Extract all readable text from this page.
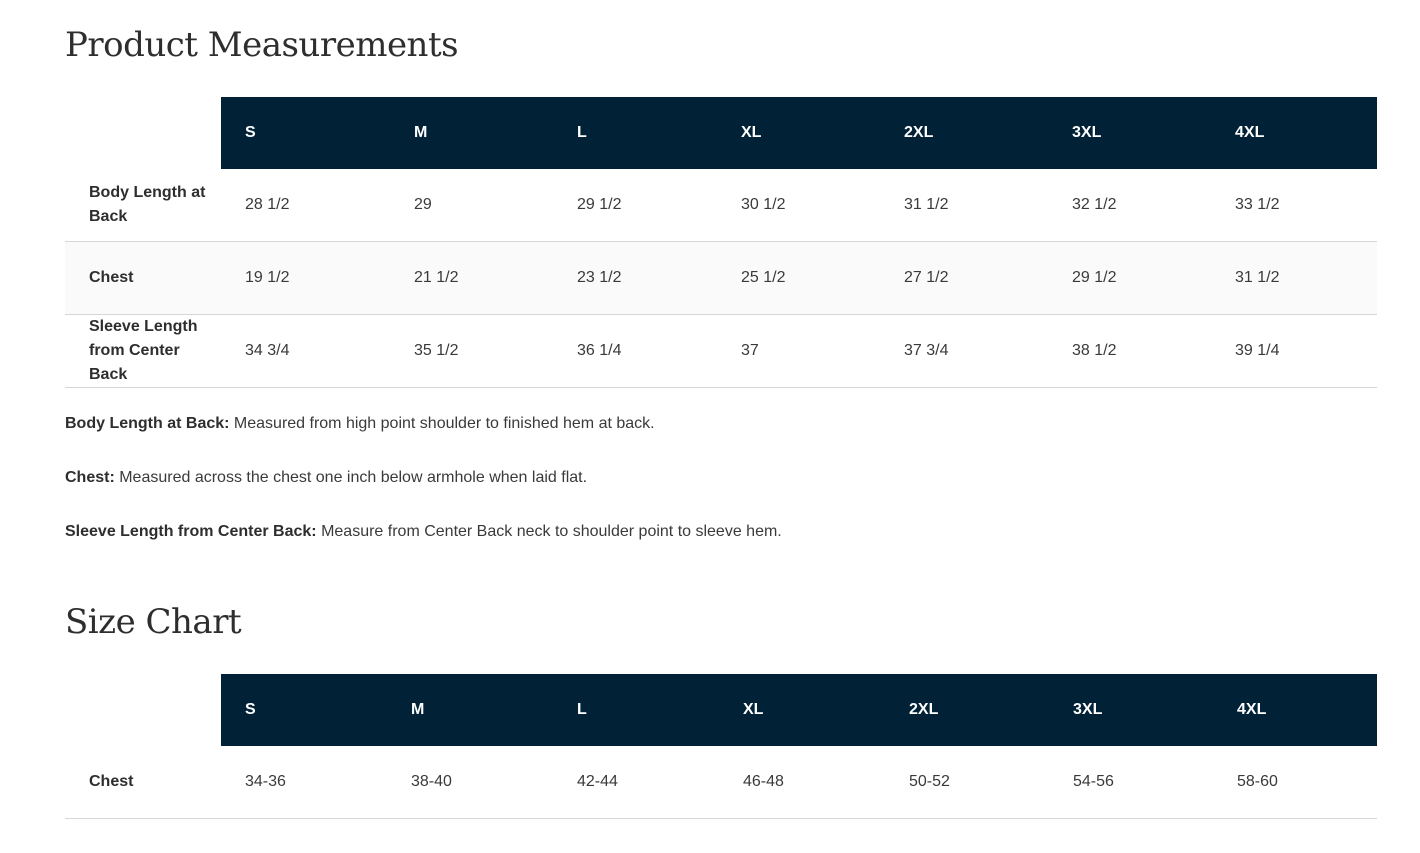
Product Measurements
	S	M	L	XL	2XL	3XL	4XL
Body Length at Back	28 1/2	29	29 1/2	30 1/2	31 1/2	32 1/2	33 1/2
Chest	19 1/2	21 1/2	23 1/2	25 1/2	27 1/2	29 1/2	31 1/2
Sleeve Length from Center Back	34 3/4	35 1/2	36 1/4	37	37 3/4	38 1/2	39 1/4

Body Length at Back: Measured from high point shoulder to finished hem at back.

Chest: Measured across the chest one inch below armhole when laid flat.

Sleeve Length from Center Back: Measure from Center Back neck to shoulder point to sleeve hem.

Size Chart
	S	M	L	XL	2XL	3XL	4XL
Chest	34-36	38-40	42-44	46-48	50-52	54-56	58-60
